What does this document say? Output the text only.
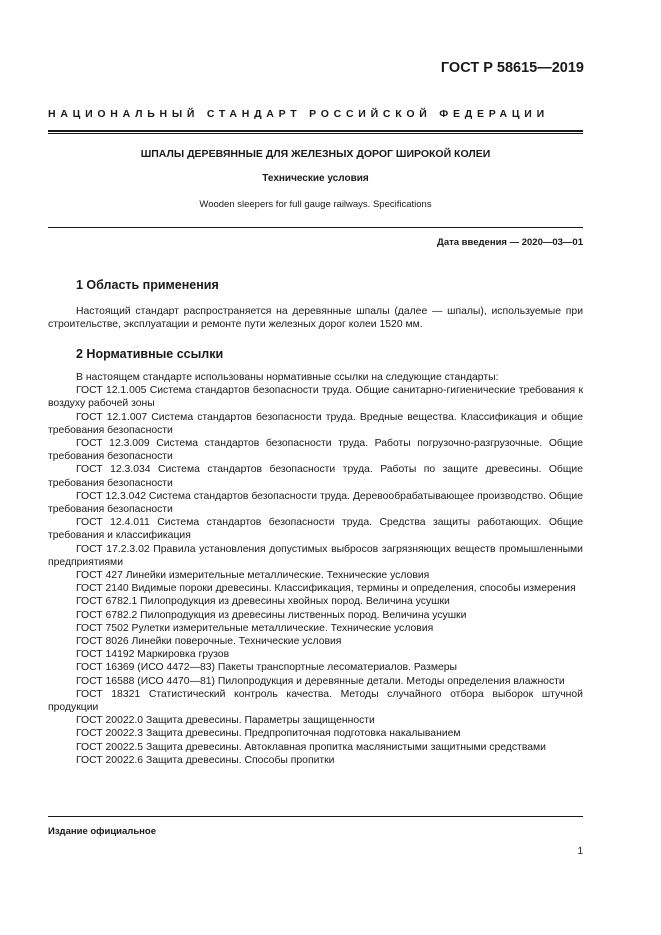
ГОСТ Р 58615—2019
НАЦИОНАЛЬНЫЙ СТАНДАРТ РОССИЙСКОЙ ФЕДЕРАЦИИ
ШПАЛЫ ДЕРЕВЯННЫЕ ДЛЯ ЖЕЛЕЗНЫХ ДОРОГ ШИРОКОЙ КОЛЕИ
Технические условия
Wooden sleepers for full gauge railways. Specifications
Дата введения — 2020—03—01
1 Область применения
Настоящий стандарт распространяется на деревянные шпалы (далее — шпалы), используемые при строительстве, эксплуатации и ремонте пути железных дорог колеи 1520 мм.
2 Нормативные ссылки
В настоящем стандарте использованы нормативные ссылки на следующие стандарты:
ГОСТ 12.1.005 Система стандартов безопасности труда. Общие санитарно-гигиенические требования к воздуху рабочей зоны
ГОСТ 12.1.007 Система стандартов безопасности труда. Вредные вещества. Классификация и общие требования безопасности
ГОСТ 12.3.009 Система стандартов безопасности труда. Работы погрузочно-разгрузочные. Общие требования безопасности
ГОСТ 12.3.034 Система стандартов безопасности труда. Работы по защите древесины. Общие требования безопасности
ГОСТ 12.3.042 Система стандартов безопасности труда. Деревообрабатывающее производство. Общие требования безопасности
ГОСТ 12.4.011 Система стандартов безопасности труда. Средства защиты работающих. Общие требования и классификация
ГОСТ 17.2.3.02 Правила установления допустимых выбросов загрязняющих веществ промышленными предприятиями
ГОСТ 427 Линейки измерительные металлические. Технические условия
ГОСТ 2140 Видимые пороки древесины. Классификация, термины и определения, способы измерения
ГОСТ 6782.1 Пилопродукция из древесины хвойных пород. Величина усушки
ГОСТ 6782.2 Пилопродукция из древесины лиственных пород. Величина усушки
ГОСТ 7502 Рулетки измерительные металлические. Технические условия
ГОСТ 8026 Линейки поверочные. Технические условия
ГОСТ 14192 Маркировка грузов
ГОСТ 16369 (ИСО 4472—83) Пакеты транспортные лесоматериалов. Размеры
ГОСТ 16588 (ИСО 4470—81) Пилопродукция и деревянные детали. Методы определения влажности
ГОСТ 18321 Статистический контроль качества. Методы случайного отбора выборок штучной продукции
ГОСТ 20022.0 Защита древесины. Параметры защищенности
ГОСТ 20022.3 Защита древесины. Предпропиточная подготовка накалыванием
ГОСТ 20022.5 Защита древесины. Автоклавная пропитка маслянистыми защитными средствами
ГОСТ 20022.6 Защита древесины. Способы пропитки
Издание официальное
1
